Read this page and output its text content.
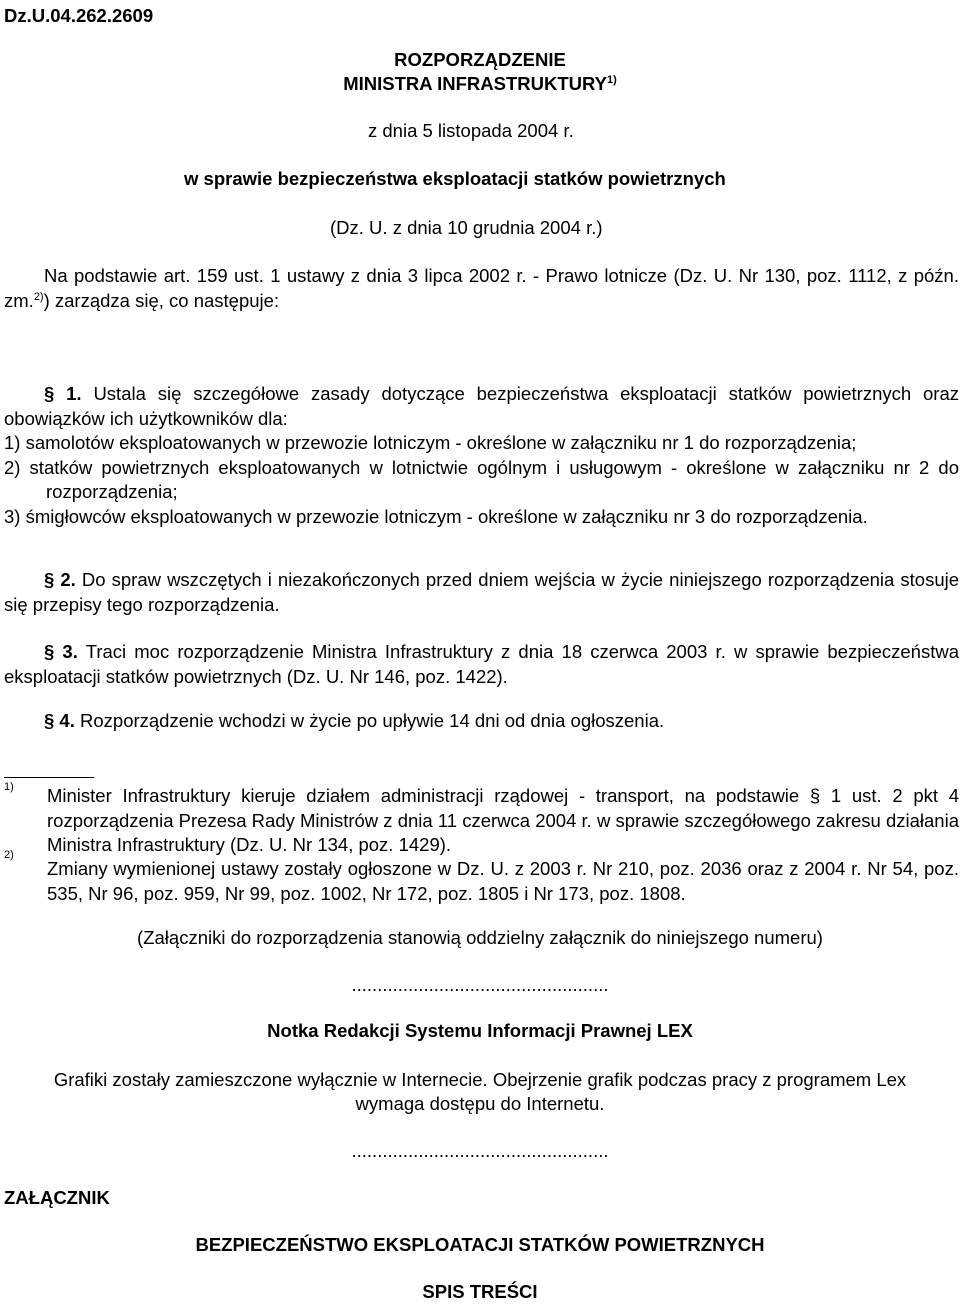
Dz.U.04.262.2609

ROZPORZĄDZENIE

MINISTRA INFRASTRUKTURY$^{1)}$

z dnia 5 listopada 2004 r.

w sprawie bezpieczeństwa eksploatacji statków powietrznych

(Dz. U. z dnia 10 grudnia 2004 r.)

Na podstawie art. 159 ust. 1 ustawy z dnia 3 lipca 2002 r. - Prawo lotnicze (Dz. U. Nr 130, poz. 1112, z późn. zm.$^{2)}$) zarządza się, co następuje:

§ 1. Ustala się szczegółowe zasady dotyczące bezpieczeństwa eksploatacji statków powietrznych oraz obowiązków ich użytkowników dla:

1) samolotów eksploatowanych w przewozie lotniczym - określone w załączniku nr 1 do rozporządzenia;

2) statków powietrznych eksploatowanych w lotnictwie ogólnym i usługowym - określone w załączniku nr 2 do rozporządzenia;

3) śmigłowców eksploatowanych w przewozie lotniczym - określone w załączniku nr 3 do rozporządzenia.

§ 2. Do spraw wszczętych i niezakończonych przed dniem wejścia w życie niniejszego rozporządzenia stosuje się przepisy tego rozporządzenia.

§ 3. Traci moc rozporządzenie Ministra Infrastruktury z dnia 18 czerwca 2003 r. w sprawie bezpieczeństwa eksploatacji statków powietrznych (Dz. U. Nr 146, poz. 1422).

§ 4. Rozporządzenie wchodzi w życie po upływie 14 dni od dnia ogłoszenia.

1) Minister Infrastruktury kieruje działem administracji rządowej - transport, na podstawie § 1 ust. 2 pkt 4 rozporządzenia Prezesa Rady Ministrów z dnia 11 czerwca 2004 r. w sprawie szczegółowego zakresu działania Ministra Infrastruktury (Dz. U. Nr 134, poz. 1429).

2)

Zmiany wymienionej ustawy zostały ogłoszone w Dz. U. z 2003 r. Nr 210, poz. 2036 oraz z 2004 r. Nr 54, poz. 535, Nr 96, poz. 959, Nr 99, poz. 1002, Nr 172, poz. 1805 i Nr 173, poz. 1808.

(Załączniki do rozporządzenia stanowią oddzielny załącznik do niniejszego numeru)

..................................................

Notka Redakcji Systemu Informacji Prawnej LEX

Grafiki zostały zamieszczone wyłącznie w Internecie. Obejrzenie grafik podczas pracy z programem Lex

wymaga dostępu do Internetu.

..................................................

ZAŁĄCZNIK

BEZPIECZEŃSTWO EKSPLOATACJI STATKÓW POWIETRZNYCH

SPIS TREŚCI
